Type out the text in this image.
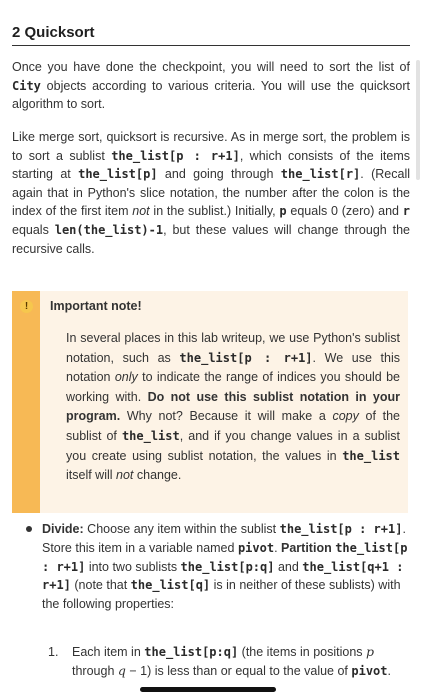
2 Quicksort
Once you have done the checkpoint, you will need to sort the list of City objects according to various criteria. You will use the quicksort algorithm to sort.
Like merge sort, quicksort is recursive. As in merge sort, the problem is to sort a sublist the_list[p : r+1], which consists of the items starting at the_list[p] and going through the_list[r]. (Recall again that in Python's slice notation, the number after the colon is the index of the first item not in the sublist.) Initially, p equals 0 (zero) and r equals len(the_list)-1, but these values will change through the recursive calls.
!	Important note!
In several places in this lab writeup, we use Python's sublist notation, such as the_list[p : r+1]. We use this notation only to indicate the range of indices you should be working with. Do not use this sublist notation in your program. Why not? Because it will make a copy of the sublist of the_list, and if you change values in a sublist you create using sublist notation, the values in the_list itself will not change.
Divide: Choose any item within the sublist the_list[p : r+1]. Store this item in a variable named pivot. Partition the_list[p : r+1] into two sublists the_list[p:q] and the_list[q+1 : r+1] (note that the_list[q] is in neither of these sublists) with the following properties:
1. Each item in the_list[p:q] (the items in positions p through q − 1) is less than or equal to the value of pivot.
